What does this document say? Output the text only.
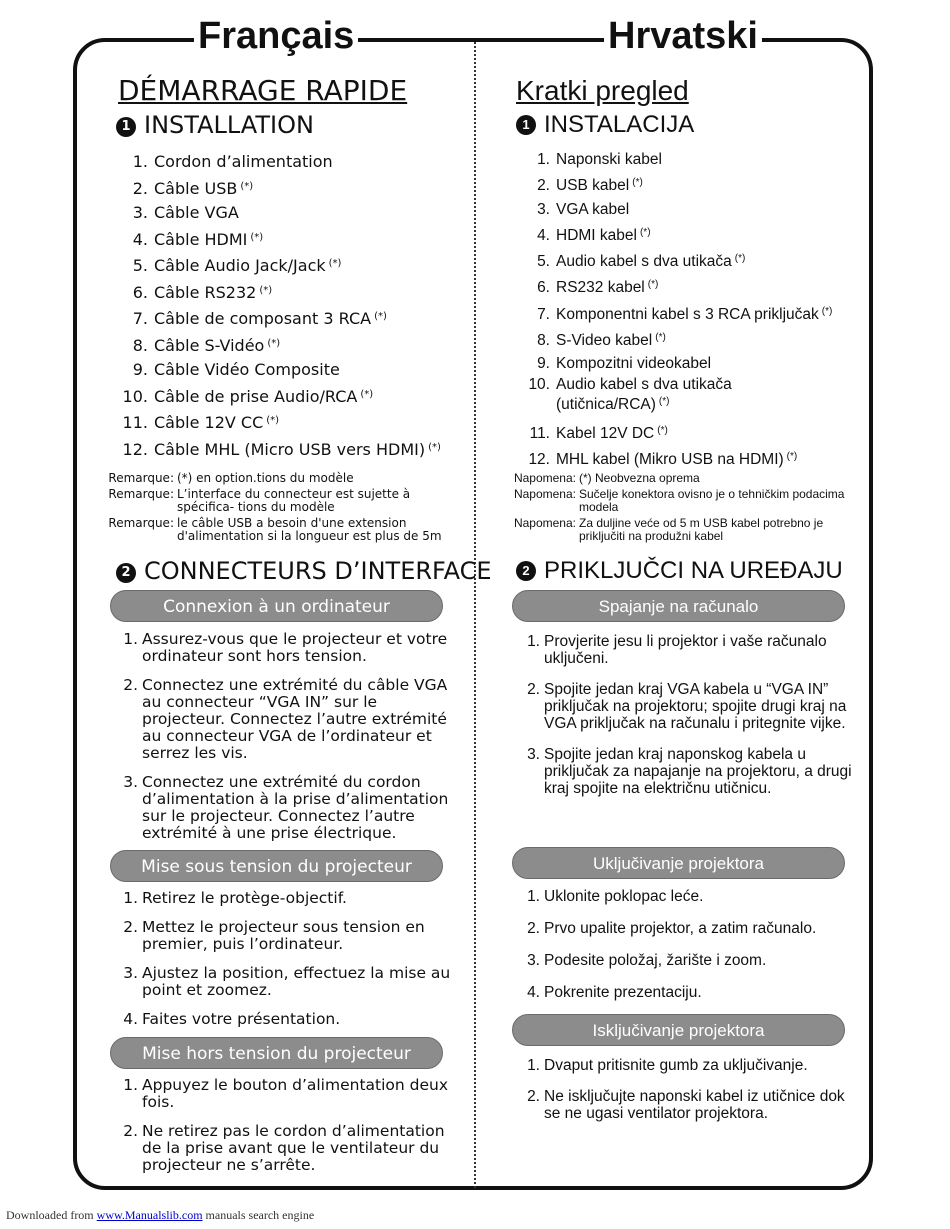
Français	Hrvatski
DÉMARRAGE RAPIDE
1 INSTALLATION
1. Cordon d’alimentation
2. Câble USB (*)
3. Câble VGA
4. Câble HDMI (*)
5. Câble Audio Jack/Jack (*)
6. Câble RS232 (*)
7. Câble de composant 3 RCA (*)
8. Câble S-Vidéo (*)
9. Câble Vidéo Composite
10. Câble de prise Audio/RCA (*)
11. Câble 12V CC (*)
12. Câble MHL (Micro USB vers HDMI) (*)
Remarque: (*) en option.tions du modèle
Remarque: L’interface du connecteur est sujette à spécifica- tions du modèle
Remarque: le câble USB a besoin d'une extension d'alimentation si la longueur est plus de 5m
2 CONNECTEURS D’INTERFACE
Connexion à un ordinateur
1. Assurez-vous que le projecteur et votre ordinateur sont hors tension.
2. Connectez une extrémité du câble VGA au connecteur “VGA IN” sur le projecteur. Connectez l’autre extrémité au connecteur VGA de l’ordinateur et serrez les vis.
3. Connectez une extrémité du cordon d’alimentation à la prise d’alimentation sur le projecteur. Connectez l’autre extrémité à une prise électrique.
Mise sous tension du projecteur
1. Retirez le protège-objectif.
2. Mettez le projecteur sous tension en premier, puis l’ordinateur.
3. Ajustez la position, effectuez la mise au point et zoomez.
4. Faites votre présentation.
Mise hors tension du projecteur
1. Appuyez le bouton d’alimentation deux fois.
2. Ne retirez pas le cordon d’alimentation de la prise avant que le ventilateur du projecteur ne s’arrête.
Kratki pregled
1 INSTALACIJA
1. Naponski kabel
2. USB kabel (*)
3. VGA kabel
4. HDMI kabel (*)
5. Audio kabel s dva utikača (*)
6. RS232 kabel (*)
7. Komponentni kabel s 3 RCA priključak (*)
8. S-Video kabel (*)
9. Kompozitni videokabel
10. Audio kabel s dva utikača (utičnica/RCA) (*)
11. Kabel 12V DC (*)
12. MHL kabel (Mikro USB na HDMI) (*)
Napomena: (*) Neobvezna oprema
Napomena: Sučelje konektora ovisno je o tehničkim podacima modela
Napomena: Za duljine veće od 5 m USB kabel potrebno je priključiti na produžni kabel
2 PRIKLJUČCI NA UREĐAJU
Spajanje na računalo
1. Provjerite jesu li projektor i vaše računalo uključeni.
2. Spojite jedan kraj VGA kabela u “VGA IN” priključak na projektoru; spojite drugi kraj na VGA priključak na računalu i pritegnite vijke.
3. Spojite jedan kraj naponskog kabela u priključak za napajanje na projektoru, a drugi kraj spojite na električnu utičnicu.
Uključivanje projektora
1. Uklonite poklopac leće.
2. Prvo upalite projektor, a zatim računalo.
3. Podesite položaj, žarište i zoom.
4. Pokrenite prezentaciju.
Isključivanje projektora
1. Dvaput pritisnite gumb za uključivanje.
2. Ne isključujte naponski kabel iz utičnice dok se ne ugasi ventilator projektora.
Downloaded from www.Manualslib.com manuals search engine
